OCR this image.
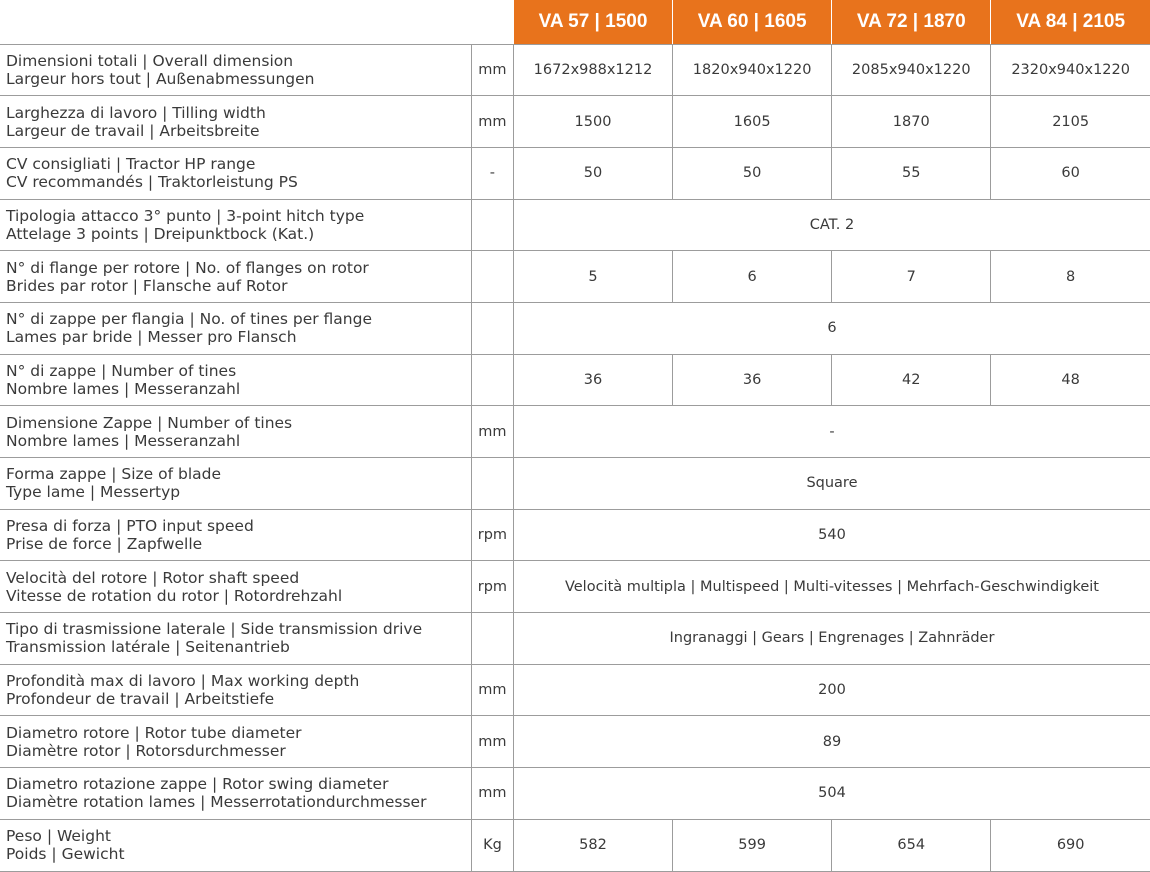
		VA 57 | 1500	VA 60 | 1605	VA 72 | 1870	VA 84 | 2105

Dimensioni totali | Overall dimension
Largeur hors tout | Außenabmessungen	mm	1672x988x1212	1820x940x1220	2085x940x1220	2320x940x1220

Larghezza di lavoro | Tilling width
Largeur de travail | Arbeitsbreite	mm	1500	1605	1870	2105

CV consigliati | Tractor HP range
CV recommandés | Traktorleistung PS	-	50	50	55	60

Tipologia attacco 3° punto | 3-point hitch type
Attelage 3 points | Dreipunktbock (Kat.)		CAT. 2			

N° di flange per rotore | No. of flanges on rotor
Brides par rotor | Flansche auf Rotor		5	6	7	8

N° di zappe per flangia | No. of tines per flange
Lames par bride | Messer pro Flansch		6			

N° di zappe | Number of tines
Nombre lames | Messeranzahl		36	36	42	48

Dimensione Zappe | Number of tines
Nombre lames | Messeranzahl	mm	-			

Forma zappe | Size of blade
Type lame | Messertyp		Square			

Presa di forza | PTO input speed
Prise de force | Zapfwelle	rpm	540			

Velocità del rotore | Rotor shaft speed
Vitesse de rotation du rotor | Rotordrehzahl	rpm	Velocità multipla | Multispeed | Multi-vitesses | Mehrfach-Geschwindigkeit			

Tipo di trasmissione laterale | Side transmission drive
Transmission latérale | Seitenantrieb		Ingranaggi | Gears | Engrenages | Zahnräder			

Profondità max di lavoro | Max working depth
Profondeur de travail | Arbeitstiefe	mm	200			

Diametro rotore | Rotor tube diameter
Diamètre rotor | Rotorsdurchmesser	mm	89			

Diametro rotazione zappe | Rotor swing diameter
Diamètre rotation lames | Messerrotationdurchmesser	mm	504			

Peso | Weight
Poids | Gewicht	Kg	582	599	654	690
